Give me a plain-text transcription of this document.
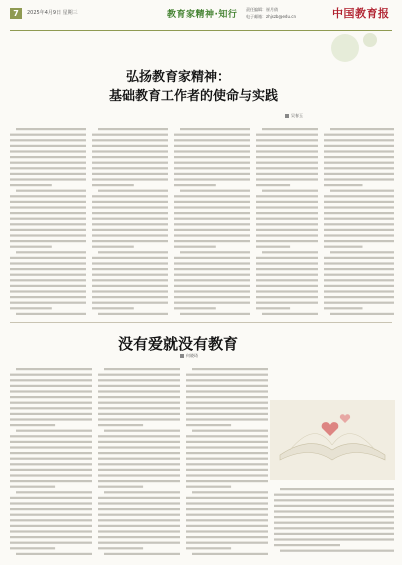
7	2025年4月9日 星期三	教育家精神·知行
责任编辑：崔月倩
电子邮箱：zhjszb@edu.cn	中国教育报
弘扬教育家精神：
基础教育工作者的使命与实践
吴春玉
没有爱就没有教育
何晓琦
